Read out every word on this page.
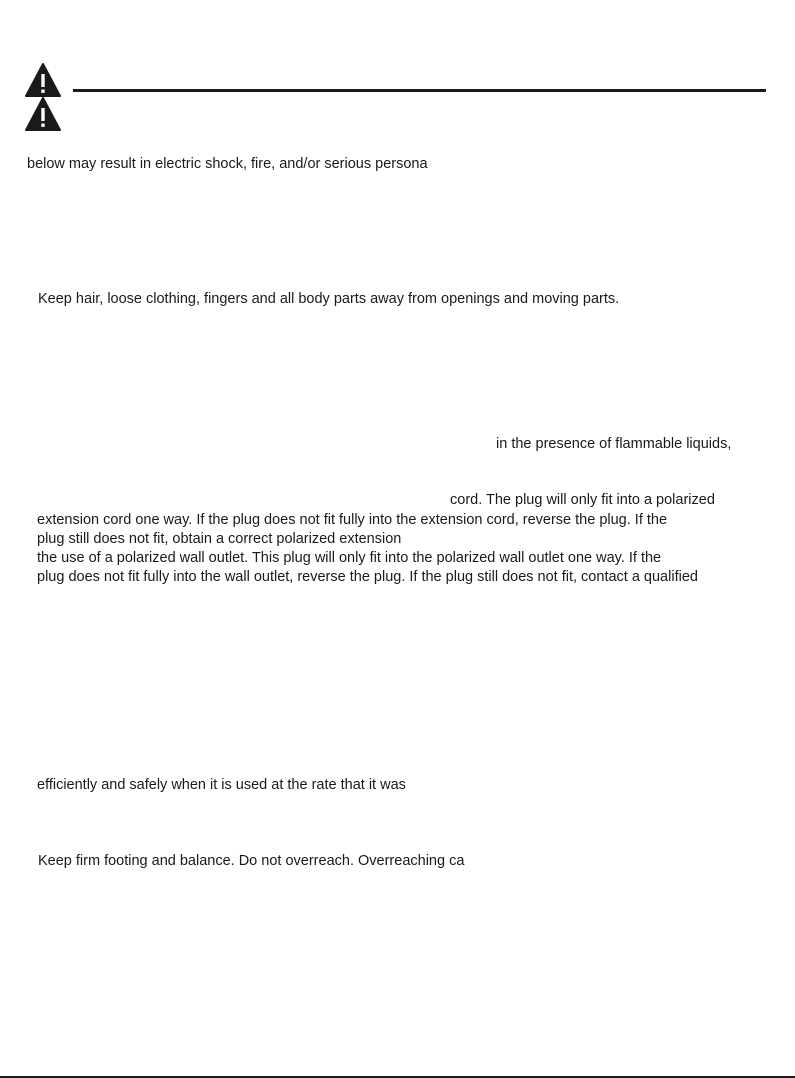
below may result in electric shock, fire, and/or serious persona
Keep hair, loose clothing, fingers and all body parts away from openings and moving parts.
in the presence of flammable liquids,
cord. The plug will only fit into a polarized
extension cord one way. If the plug does not fit fully into the extension cord, reverse the plug. If the
plug still does not fit, obtain a correct polarized extension
the use of a polarized wall outlet. This plug will only fit into the polarized wall outlet one way. If the
plug does not fit fully into the wall outlet, reverse the plug. If the plug still does not fit, contact a qualified
efficiently and safely when it is used at the rate that it was
Keep firm footing and balance. Do not overreach. Overreaching ca
